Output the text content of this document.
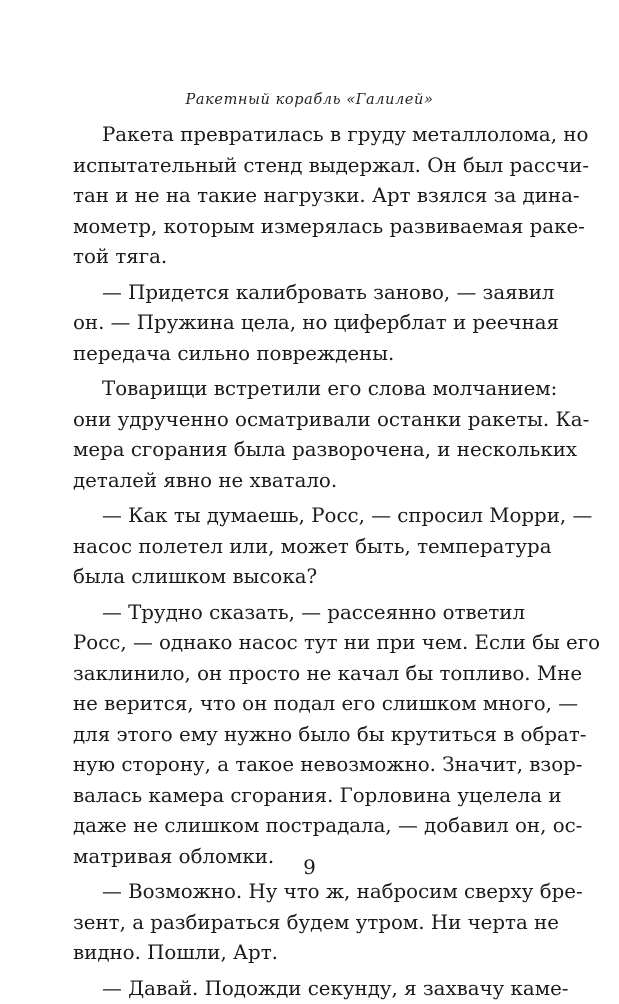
Ракетный корабль «Галилей»
Ракета превратилась в груду металлолома, но
испытательный стенд выдержал. Он был рассчи-
тан и не на такие нагрузки. Арт взялся за дина-
мометр, которым измерялась развиваемая раке-
той тяга.
— Придется калибровать заново, — заявил
он. — Пружина цела, но циферблат и реечная
передача сильно повреждены.
Товарищи встретили его слова молчанием:
они удрученно осматривали останки ракеты. Ка-
мера сгорания была разворочена, и нескольких
деталей явно не хватало.
— Как ты думаешь, Росс, — спросил Морри, —
насос полетел или, может быть, температура
была слишком высока?
— Трудно сказать, — рассеянно ответил
Росс, — однако насос тут ни при чем. Если бы его
заклинило, он просто не качал бы топливо. Мне
не верится, что он подал его слишком много, —
для этого ему нужно было бы крутиться в обрат-
ную сторону, а такое невозможно. Значит, взор-
валась камера сгорания. Горловина уцелела и
даже не слишком пострадала, — добавил он, ос-
матривая обломки.
— Возможно. Ну что ж, набросим сверху бре-
зент, а разбираться будем утром. Ни черта не
видно. Пошли, Арт.
— Давай. Подожди секунду, я захвачу каме-
9
